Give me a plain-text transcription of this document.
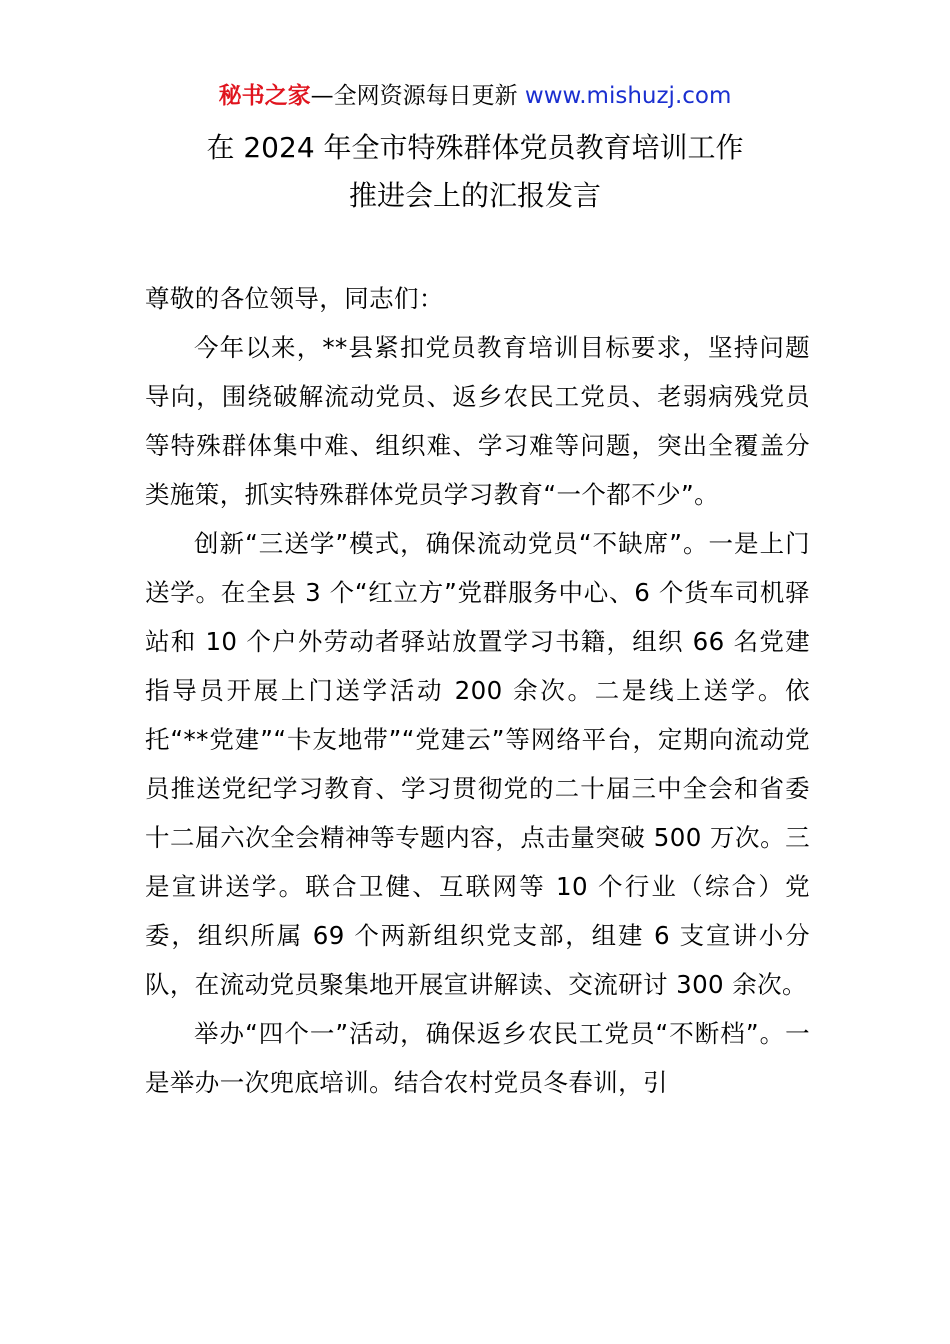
秘书之家—全网资源每日更新 www.mishuzj.com
在 2024 年全市特殊群体党员教育培训工作
推进会上的汇报发言

尊敬的各位领导，同志们：

今年以来，**县紧扣党员教育培训目标要求，坚持问题导向，围绕破解流动党员、返乡农民工党员、老弱病残党员等特殊群体集中难、组织难、学习难等问题，突出全覆盖分类施策，抓实特殊群体党员学习教育“一个都不少”。

创新“三送学”模式，确保流动党员“不缺席”。一是上门送学。在全县 3 个“红立方”党群服务中心、6 个货车司机驿站和 10 个户外劳动者驿站放置学习书籍，组织 66 名党建指导员开展上门送学活动 200 余次。二是线上送学。依托“**党建”“卡友地带”“党建云”等网络平台，定期向流动党员推送党纪学习教育、学习贯彻党的二十届三中全会和省委十二届六次全会精神等专题内容，点击量突破 500 万次。三是宣讲送学。联合卫健、互联网等 10 个行业（综合）党委，组织所属 69 个两新组织党支部，组建 6 支宣讲小分队，在流动党员聚集地开展宣讲解读、交流研讨 300 余次。

举办“四个一”活动，确保返乡农民工党员“不断档”。一是举办一次兜底培训。结合农村党员冬春训，引
